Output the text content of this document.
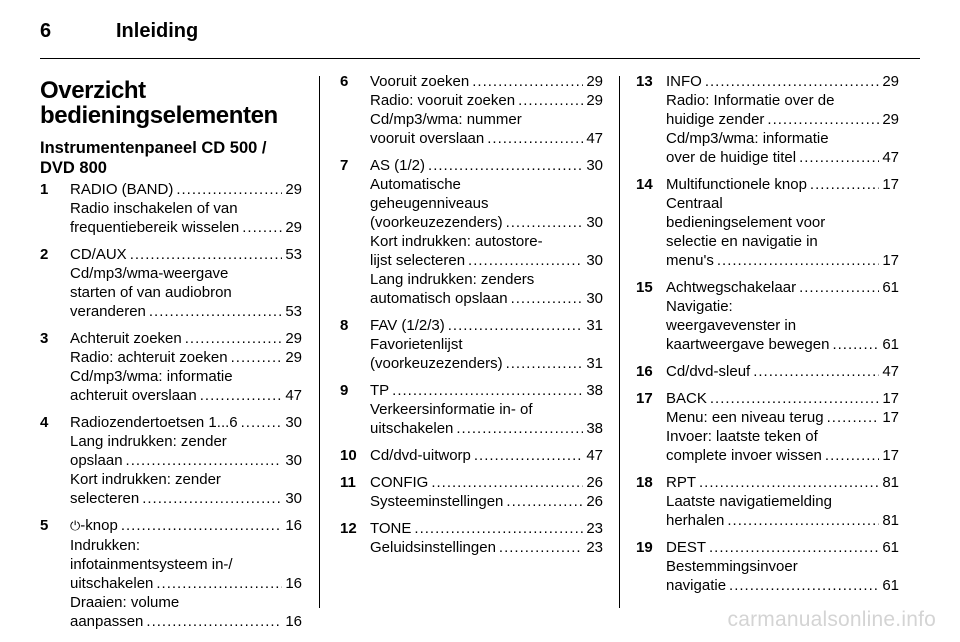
6	Inleiding
Overzicht bedieningselementen
Instrumentenpaneel CD 500 / DVD 800
1	RADIO (BAND) .....	29
Radio inschakelen of van
frequentiebereik wisselen .....	29
2	CD/AUX .....	53
Cd/mp3/wma-weergave
starten of van audiobron
veranderen .....	53
3	Achteruit zoeken .....	29
Radio: achteruit zoeken .....	29
Cd/mp3/wma: informatie
achteruit overslaan .....	47
4	Radiozendertoetsen 1...6 .....	30
Lang indrukken: zender
opslaan .....	30
Kort indrukken: zender
selecteren .....	30
5	⏻-knop .....	16
Indrukken:
infotainmentsysteem in-/
uitschakelen .....	16
Draaien: volume
aanpassen .....	16
6	Vooruit zoeken .....	29
Radio: vooruit zoeken .....	29
Cd/mp3/wma: nummer
vooruit overslaan .....	47
7	AS (1/2) .....	30
Automatische
geheugenniveaus
(voorkeuzezenders) .....	30
Kort indrukken: autostore-
lijst selecteren .....	30
Lang indrukken: zenders
automatisch opslaan .....	30
8	FAV (1/2/3) .....	31
Favorietenlijst
(voorkeuzezenders) .....	31
9	TP .....	38
Verkeersinformatie in- of
uitschakelen .....	38
10 Cd/dvd-uitworp .....	47
11 CONFIG .....	26
Systeeminstellingen .....	26
12 TONE .....	23
Geluidsinstellingen .....	23
13 INFO .....	29
Radio: Informatie over de
huidige zender .....	29
Cd/mp3/wma: informatie
over de huidige titel .....	47
14 Multifunctionele knop .....	17
Centraal
bedieningselement voor
selectie en navigatie in
menu's .....	17
15 Achtwegschakelaar .....	61
Navigatie:
weergavevenster in
kaartweergave bewegen .....	61
16 Cd/dvd-sleuf .....	47
17 BACK .....	17
Menu: een niveau terug .....	17
Invoer: laatste teken of
complete invoer wissen .....	17
18 RPT .....	81
Laatste navigatiemelding
herhalen .....	81
19 DEST .....	61
Bestemmingsinvoer
navigatie .....	61
carmanualsonline.info
